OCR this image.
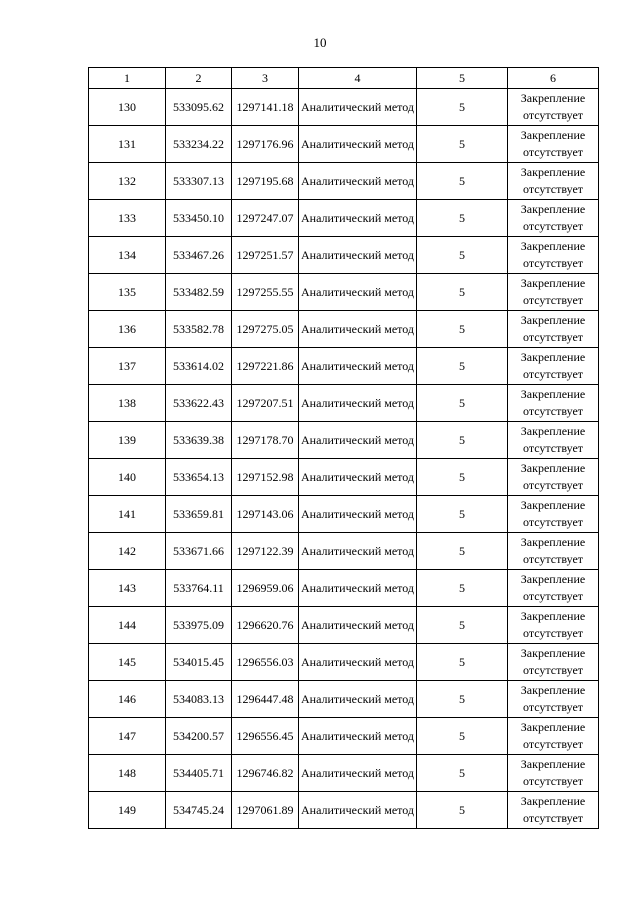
10
1	2	3	4	5	6
130	533095.62	1297141.18	Аналитический метод	5	Закрепление отсутствует
131	533234.22	1297176.96	Аналитический метод	5	Закрепление отсутствует
132	533307.13	1297195.68	Аналитический метод	5	Закрепление отсутствует
133	533450.10	1297247.07	Аналитический метод	5	Закрепление отсутствует
134	533467.26	1297251.57	Аналитический метод	5	Закрепление отсутствует
135	533482.59	1297255.55	Аналитический метод	5	Закрепление отсутствует
136	533582.78	1297275.05	Аналитический метод	5	Закрепление отсутствует
137	533614.02	1297221.86	Аналитический метод	5	Закрепление отсутствует
138	533622.43	1297207.51	Аналитический метод	5	Закрепление отсутствует
139	533639.38	1297178.70	Аналитический метод	5	Закрепление отсутствует
140	533654.13	1297152.98	Аналитический метод	5	Закрепление отсутствует
141	533659.81	1297143.06	Аналитический метод	5	Закрепление отсутствует
142	533671.66	1297122.39	Аналитический метод	5	Закрепление отсутствует
143	533764.11	1296959.06	Аналитический метод	5	Закрепление отсутствует
144	533975.09	1296620.76	Аналитический метод	5	Закрепление отсутствует
145	534015.45	1296556.03	Аналитический метод	5	Закрепление отсутствует
146	534083.13	1296447.48	Аналитический метод	5	Закрепление отсутствует
147	534200.57	1296556.45	Аналитический метод	5	Закрепление отсутствует
148	534405.71	1296746.82	Аналитический метод	5	Закрепление отсутствует
149	534745.24	1297061.89	Аналитический метод	5	Закрепление отсутствует
